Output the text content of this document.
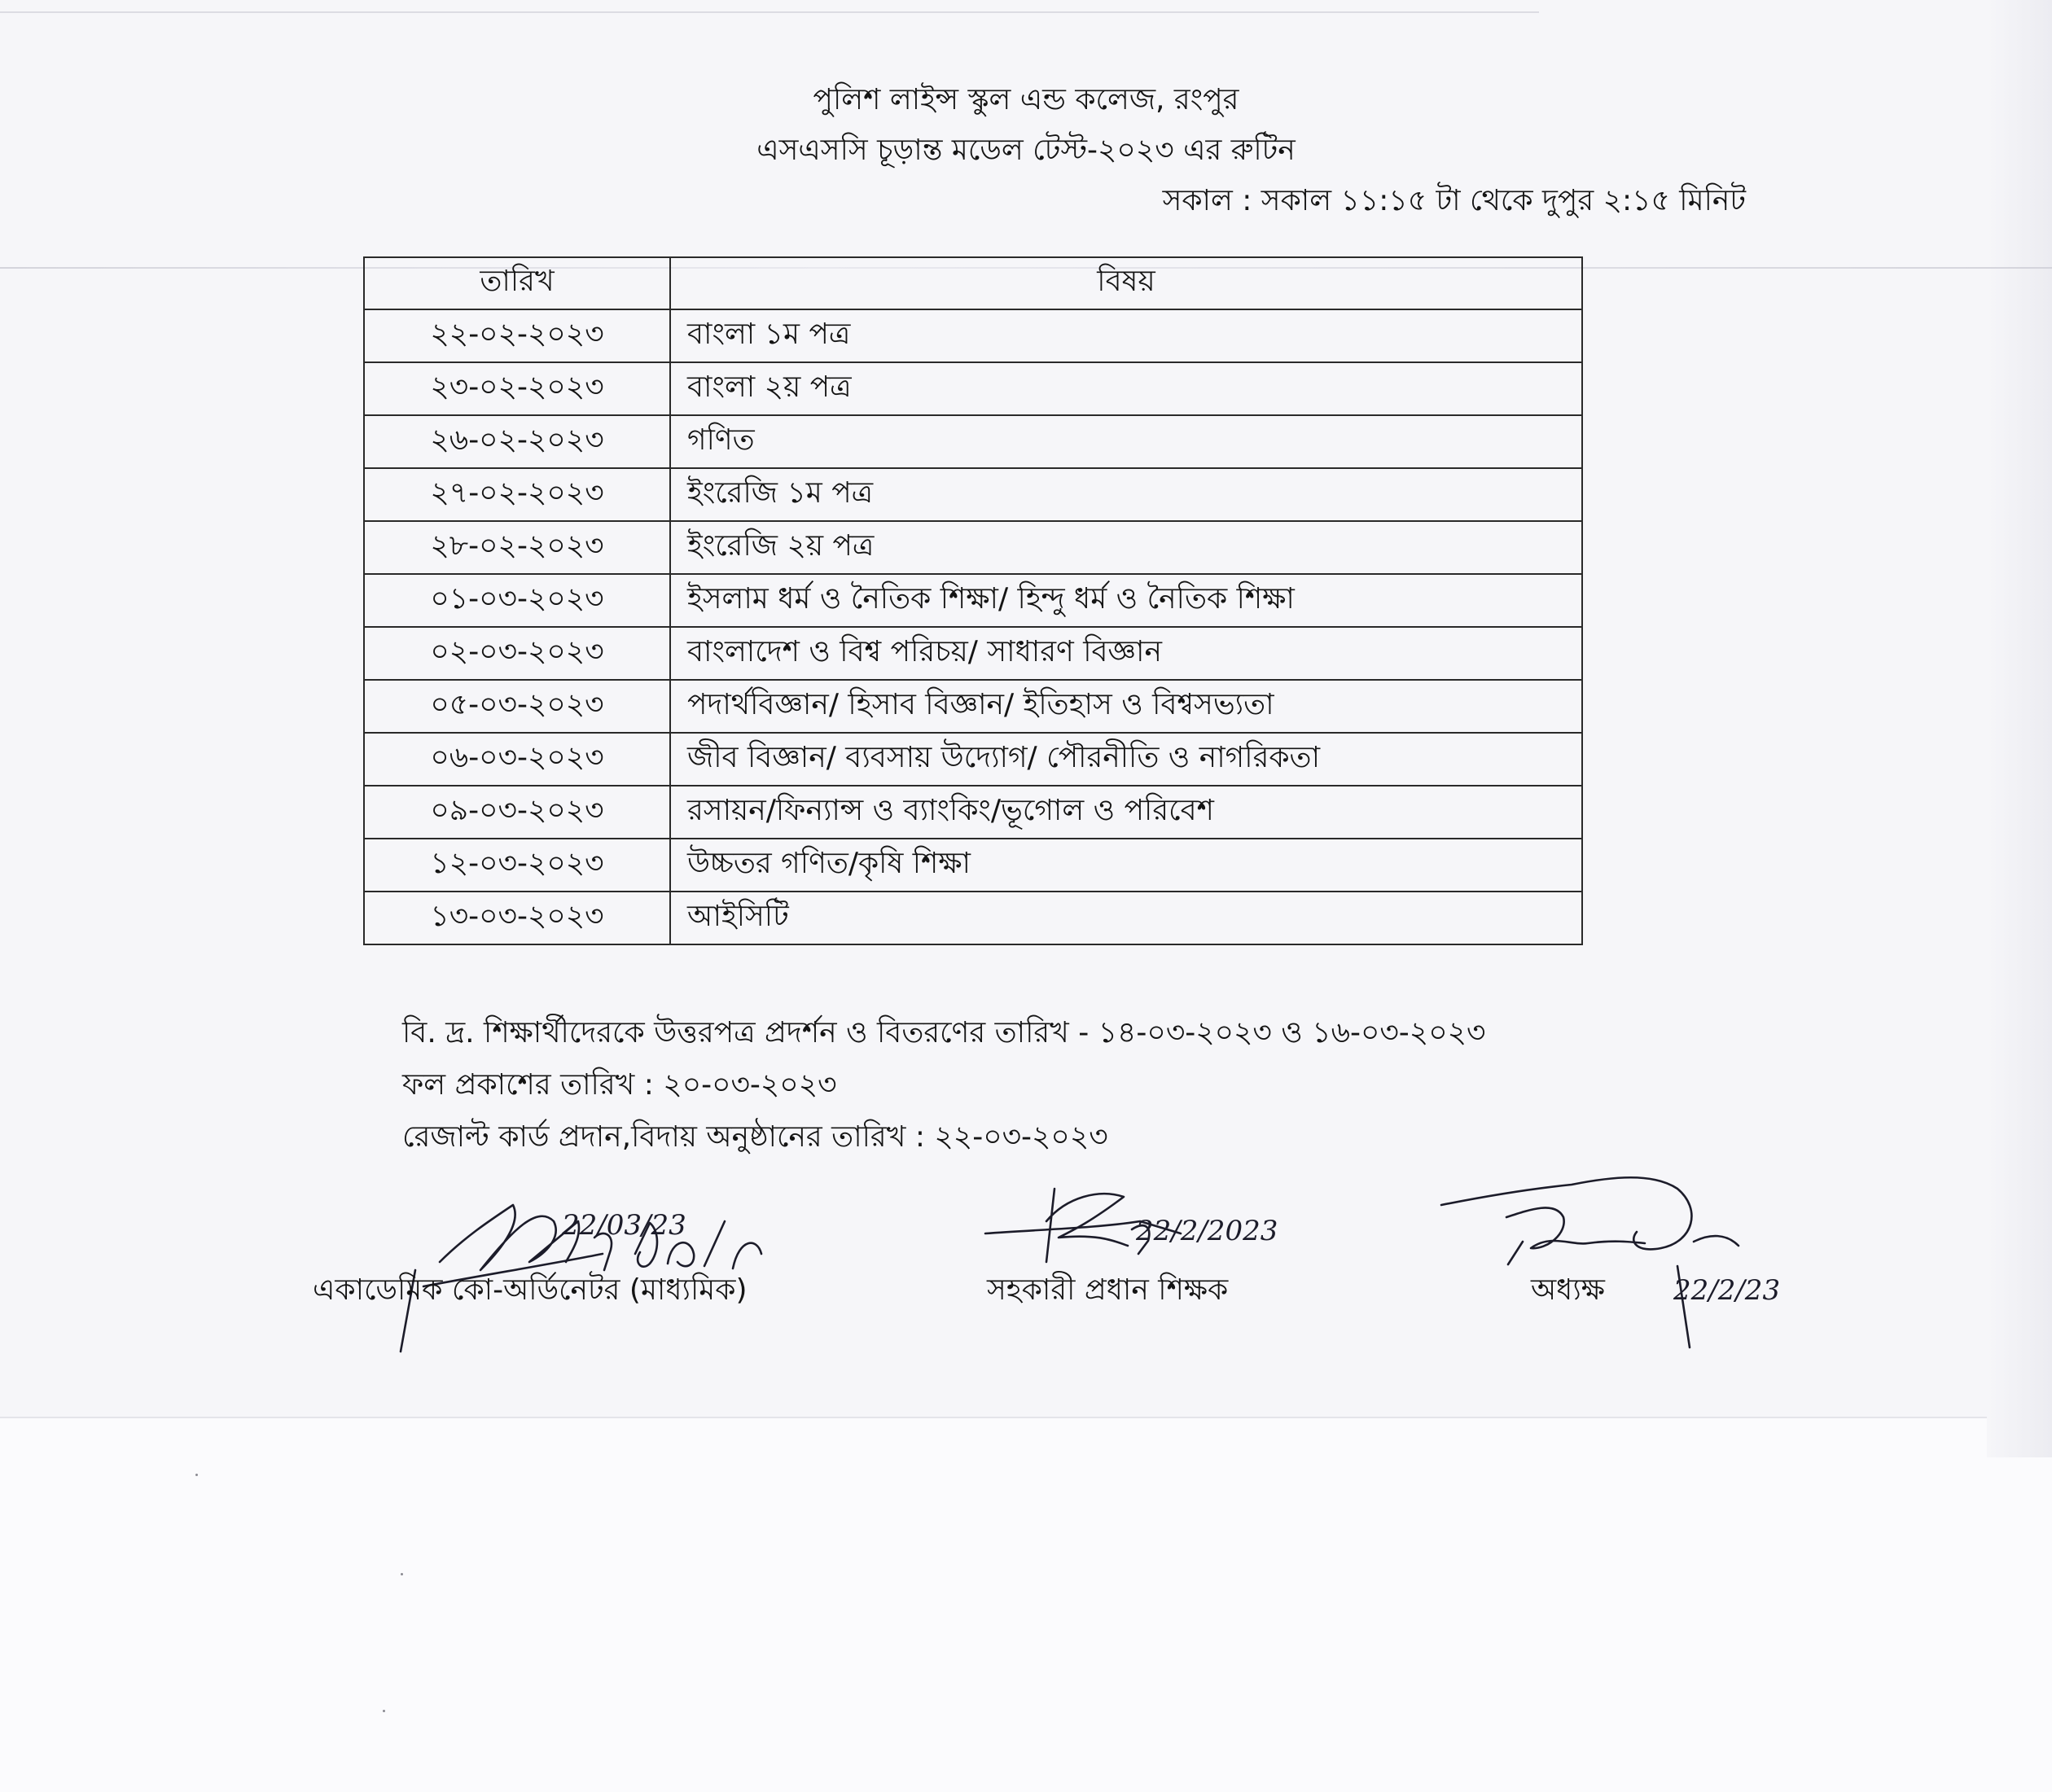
পুলিশ লাইন্স স্কুল এন্ড কলেজ, রংপুর
এসএসসি চূড়ান্ত মডেল টেস্ট-২০২৩ এর রুটিন
সকাল : সকাল ১১:১৫ টা থেকে দুপুর ২:১৫ মিনিট
তারিখ	বিষয়
২২-০২-২০২৩	বাংলা ১ম পত্র
২৩-০২-২০২৩	বাংলা ২য় পত্র
২৬-০২-২০২৩	গণিত
২৭-০২-২০২৩	ইংরেজি ১ম পত্র
২৮-০২-২০২৩	ইংরেজি ২য় পত্র
০১-০৩-২০২৩	ইসলাম ধর্ম ও নৈতিক শিক্ষা/ হিন্দু ধর্ম ও নৈতিক শিক্ষা
০২-০৩-২০২৩	বাংলাদেশ ও বিশ্ব পরিচয়/ সাধারণ বিজ্ঞান
০৫-০৩-২০২৩	পদার্থবিজ্ঞান/ হিসাব বিজ্ঞান/ ইতিহাস ও বিশ্বসভ্যতা
০৬-০৩-২০২৩	জীব বিজ্ঞান/ ব্যবসায় উদ্যোগ/ পৌরনীতি ও নাগরিকতা
০৯-০৩-২০২৩	রসায়ন/ফিন্যান্স ও ব্যাংকিং/ভূগোল ও পরিবেশ
১২-০৩-২০২৩	উচ্চতর গণিত/কৃষি শিক্ষা
১৩-০৩-২০২৩	আইসিটি
বি. দ্র. শিক্ষার্থীদেরকে উত্তরপত্র প্রদর্শন ও বিতরণের তারিখ - ১৪-০৩-২০২৩ ও ১৬-০৩-২০২৩
ফল প্রকাশের তারিখ : ২০-০৩-২০২৩
রেজাল্ট কার্ড প্রদান,বিদায় অনুষ্ঠানের তারিখ : ২২-০৩-২০২৩
22/03/23
একাডেমিক কো-অর্ডিনেটর (মাধ্যমিক)
22/2/2023
সহকারী প্রধান শিক্ষক	22/2/23
অধ্যক্ষ
